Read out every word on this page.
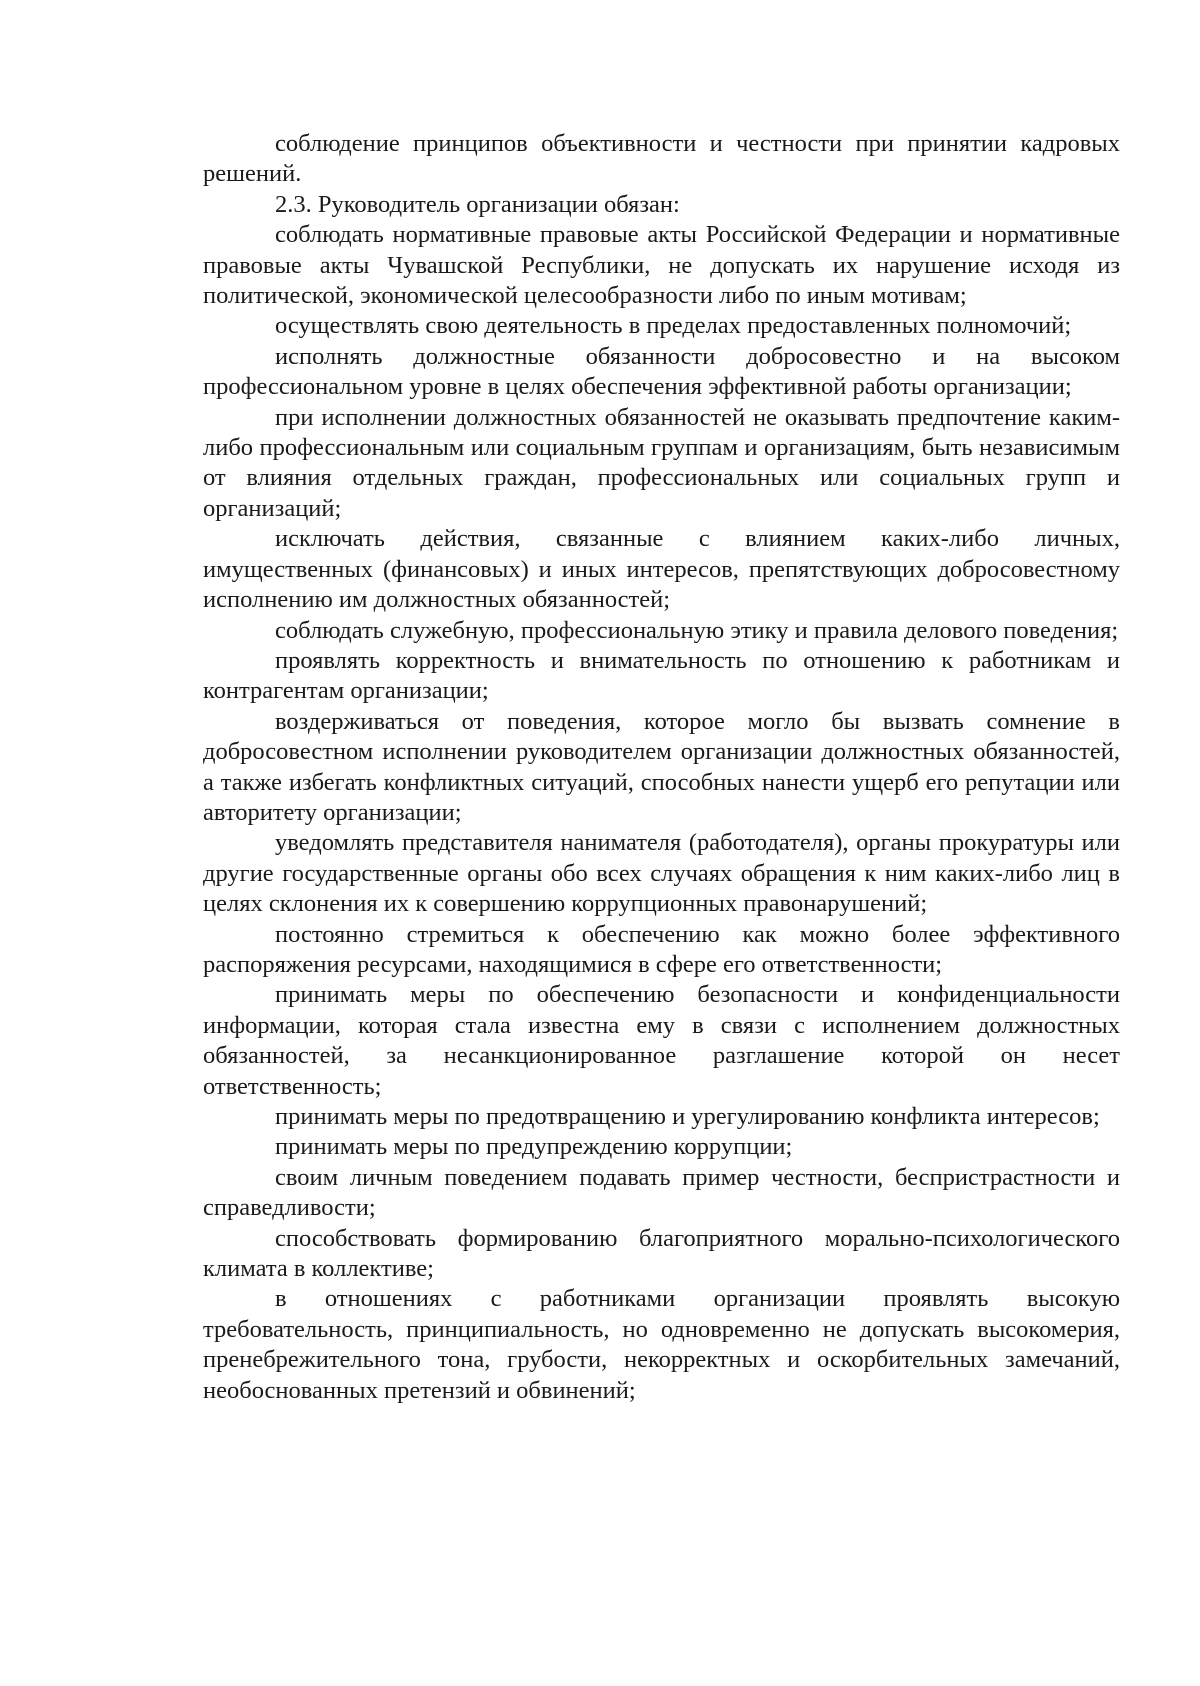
соблюдение принципов объективности и честности при принятии кадровых решений.

2.3. Руководитель организации обязан:

соблюдать нормативные правовые акты Российской Федерации и нормативные правовые акты Чувашской Республики, не допускать их нарушение исходя из политической, экономической целесообразности либо по иным мотивам;

осуществлять свою деятельность в пределах предоставленных полномочий;

исполнять должностные обязанности добросовестно и на высоком профессиональном уровне в целях обеспечения эффективной работы организации;

при исполнении должностных обязанностей не оказывать предпочтение каким-либо профессиональным или социальным группам и организациям, быть независимым от влияния отдельных граждан, профессиональных или социальных групп и организаций;

исключать действия, связанные с влиянием каких-либо личных, имущественных (финансовых) и иных интересов, препятствующих добросовестному исполнению им должностных обязанностей;

соблюдать служебную, профессиональную этику и правила делового поведения;

проявлять корректность и внимательность по отношению к работникам и контрагентам организации;

воздерживаться от поведения, которое могло бы вызвать сомнение в добросовестном исполнении руководителем организации должностных обязанностей, а также избегать конфликтных ситуаций, способных нанести ущерб его репутации или авторитету организации;

уведомлять представителя нанимателя (работодателя), органы прокуратуры или другие государственные органы обо всех случаях обращения к ним каких-либо лиц в целях склонения их к совершению коррупционных правонарушений;

постоянно стремиться к обеспечению как можно более эффективного распоряжения ресурсами, находящимися в сфере его ответственности;

принимать меры по обеспечению безопасности и конфиденциальности информации, которая стала известна ему в связи с исполнением должностных обязанностей, за несанкционированное разглашение которой он несет ответственность;

принимать меры по предотвращению и урегулированию конфликта интересов;

принимать меры по предупреждению коррупции;

своим личным поведением подавать пример честности, беспристрастности и справедливости;

способствовать формированию благоприятного морально-психологического климата в коллективе;

в отношениях с работниками организации проявлять высокую требовательность, принципиальность, но одновременно не допускать высокомерия, пренебрежительного тона, грубости, некорректных и оскорбительных замечаний, необоснованных претензий и обвинений;
